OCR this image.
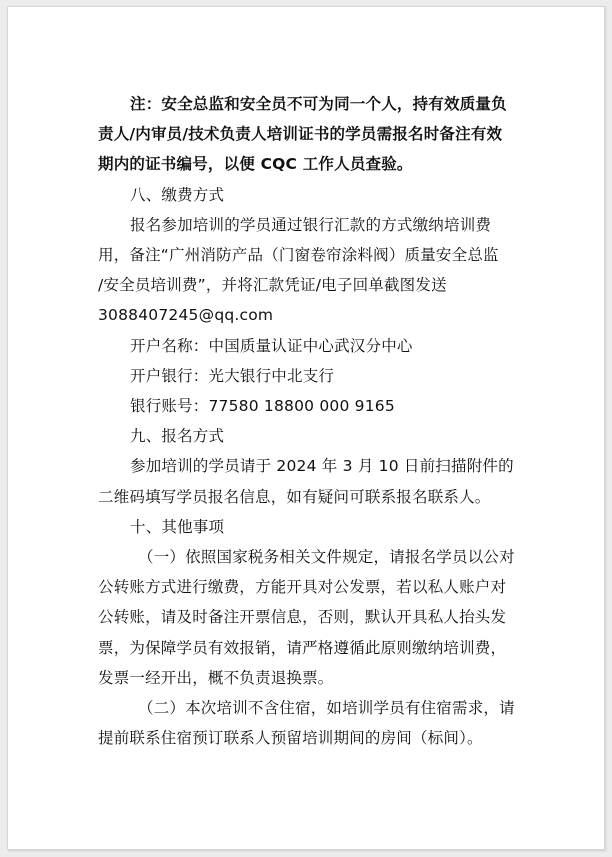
注：安全总监和安全员不可为同一个人，持有效质量负
责人/内审员/技术负责人培训证书的学员需报名时备注有效
期内的证书编号，以便 CQC 工作人员查验。
八、缴费方式
报名参加培训的学员通过银行汇款的方式缴纳培训费
用，备注“广州消防产品（门窗卷帘涂料阀）质量安全总监
/安全员培训费”，并将汇款凭证/电子回单截图发送
3088407245@qq.com
开户名称：中国质量认证中心武汉分中心
开户银行：光大银行中北支行
银行账号：77580 18800 000 9165
九、报名方式
参加培训的学员请于 2024 年 3 月 10 日前扫描附件的
二维码填写学员报名信息，如有疑问可联系报名联系人。
十、其他事项
（一）依照国家税务相关文件规定，请报名学员以公对
公转账方式进行缴费，方能开具对公发票，若以私人账户对
公转账，请及时备注开票信息，否则，默认开具私人抬头发
票，为保障学员有效报销，请严格遵循此原则缴纳培训费，
发票一经开出，概不负责退换票。
（二）本次培训不含住宿，如培训学员有住宿需求，请
提前联系住宿预订联系人预留培训期间的房间（标间）。
